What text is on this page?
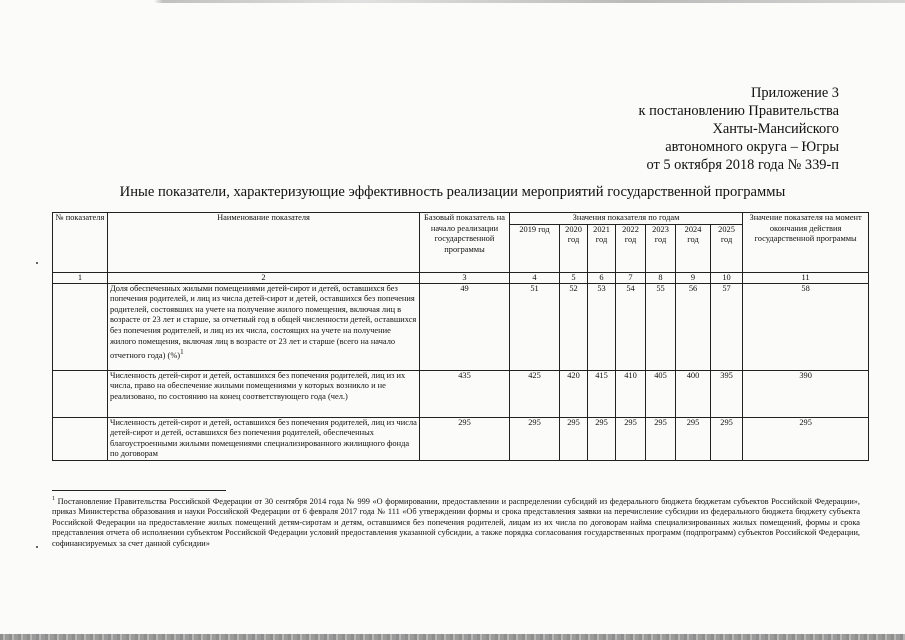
Приложение 3
к постановлению Правительства
Ханты-Мансийского
автономного округа – Югры
от 5 октября 2018 года № 339-п
Иные показатели, характеризующие эффективность реализации мероприятий государственной программы
№ показателя	Наименование показателя	Базовый показатель на начало реализации государственной программы	Значения показателя по годам							Значение показателя на момент окончания действия государственной программы
			2019 год	2020 год	2021 год	2022 год	2023 год	2024 год	2025 год	
1	2	3	4	5	6	7	8	9	10	11
	Доля обеспеченных жилыми помещениями детей-сирот и детей, оставшихся без попечения родителей, и лиц из числа детей-сирот и детей, оставшихся без попечения родителей, состоявших на учете на получение жилого помещения, включая лиц в возрасте от 23 лет и старше, за отчетный год в общей численности детей, оставшихся без попечения родителей, и лиц из их числа, состоящих на учете на получение жилого помещения, включая лиц в возрасте от 23 лет и старше (всего на начало отчетного года) (%)$^1$	49	51	52	53	54	55	56	57	58
	Численность детей-сирот и детей, оставшихся без попечения родителей, лиц из их числа, право на обеспечение жилыми помещениями у которых возникло и не реализовано, по состоянию на конец соответствующего года (чел.)	435	425	420	415	410	405	400	395	390
	Численность детей-сирот и детей, оставшихся без попечения родителей, лиц из числа детей-сирот и детей, оставшихся без попечения родителей, обеспеченных благоустроенными жилыми помещениями специализированного жилищного фонда по договорам	295	295	295	295	295	295	295	295	295
$^1$ Постановление Правительства Российской Федерации от 30 сентября 2014 года № 999 «О формировании, предоставлении и распределении субсидий из федерального бюджета бюджетам субъектов Российской Федерации», приказ Министерства образования и науки Российской Федерации от 6 февраля 2017 года № 111 «Об утверждении формы и срока представления заявки на перечисление субсидии из федерального бюджета бюджету субъекта Российской Федерации на предоставление жилых помещений детям-сиротам и детям, оставшимся без попечения родителей, лицам из их числа по договорам найма специализированных жилых помещений, формы и срока представления отчета об исполнении субъектом Российской Федерации условий предоставления указанной субсидии, а также порядка согласования государственных программ (подпрограмм) субъектов Российской Федерации, софинансируемых за счет данной субсидии»
